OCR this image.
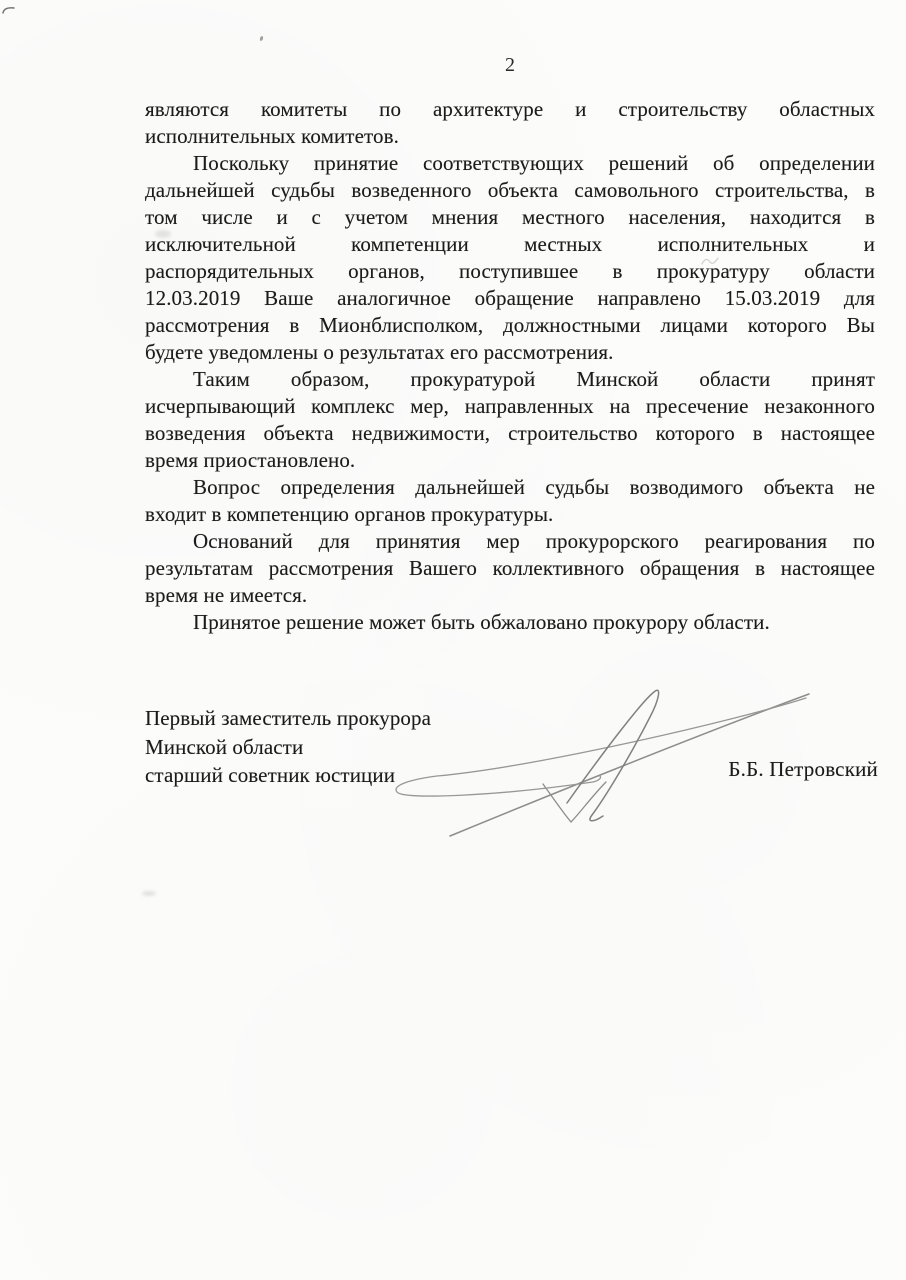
2
являются комитеты по архитектуре и строительству областных
исполнительных комитетов.
Поскольку принятие соответствующих решений об определении
дальнейшей судьбы возведенного объекта самовольного строительства, в
том числе и с учетом мнения местного населения, находится в
исключительной компетенции местных исполнительных и
распорядительных органов, поступившее в прокуратуру области
12.03.2019 Ваше аналогичное обращение направлено 15.03.2019 для
рассмотрения в Мионблисполком, должностными лицами которого Вы
будете уведомлены о результатах его рассмотрения.
Таким образом, прокуратурой Минской области принят
исчерпывающий комплекс мер, направленных на пресечение незаконного
возведения объекта недвижимости, строительство которого в настоящее
время приостановлено.
Вопрос определения дальнейшей судьбы возводимого объекта не
входит в компетенцию органов прокуратуры.
Оснований для принятия мер прокурорского реагирования по
результатам рассмотрения Вашего коллективного обращения в настоящее
время не имеется.
Принятое решение может быть обжаловано прокурору области.
Первый заместитель прокурора
Минской области
старший советник юстиции	Б.Б. Петровский
